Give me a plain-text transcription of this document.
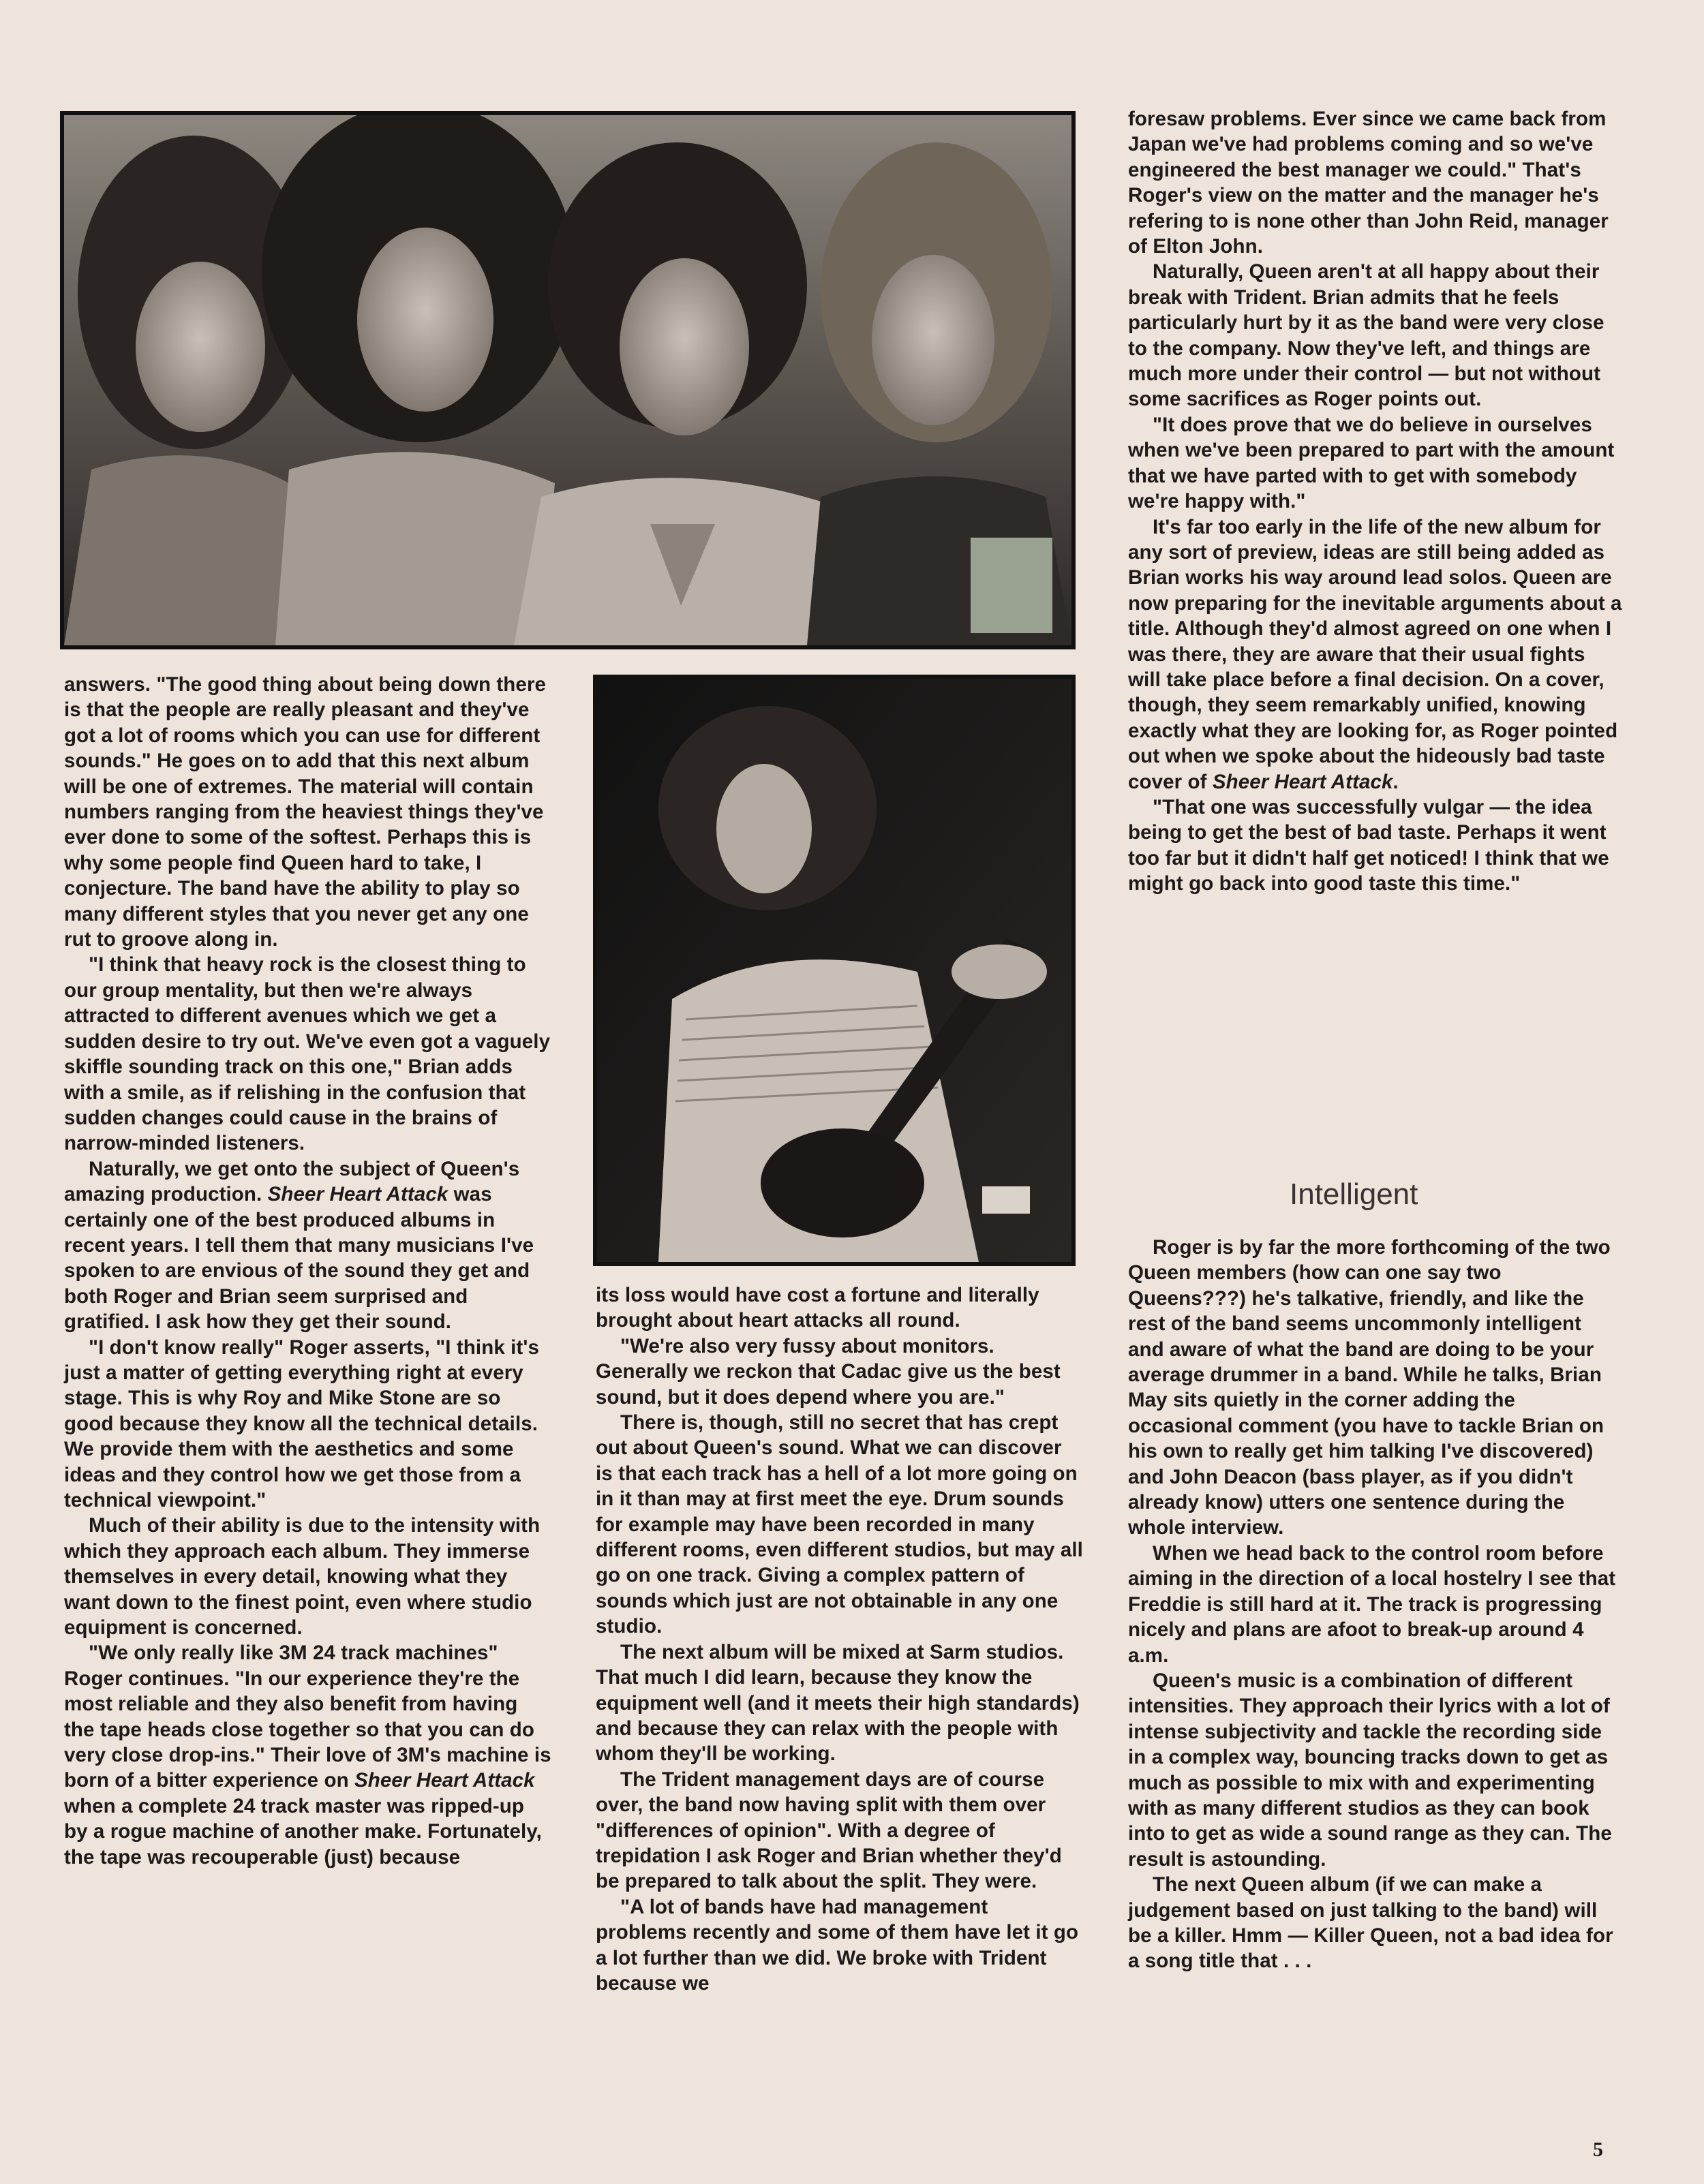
answers. "The good thing about being down there is that the people are really pleasant and they've got a lot of rooms which you can use for different sounds." He goes on to add that this next album will be one of extremes. The material will contain numbers ranging from the heaviest things they've ever done to some of the softest. Perhaps this is why some people find Queen hard to take, I conjecture. The band have the ability to play so many different styles that you never get any one rut to groove along in.

"I think that heavy rock is the closest thing to our group mentality, but then we're always attracted to different avenues which we get a sudden desire to try out. We've even got a vaguely skiffle sounding track on this one," Brian adds with a smile, as if relishing in the confusion that sudden changes could cause in the brains of narrow-minded listeners.

Naturally, we get onto the subject of Queen's amazing production. Sheer Heart Attack was certainly one of the best produced albums in recent years. I tell them that many musicians I've spoken to are envious of the sound they get and both Roger and Brian seem surprised and gratified. I ask how they get their sound.

"I don't know really" Roger asserts, "I think it's just a matter of getting everything right at every stage. This is why Roy and Mike Stone are so good because they know all the technical details. We provide them with the aesthetics and some ideas and they control how we get those from a technical viewpoint."

Much of their ability is due to the intensity with which they approach each album. They immerse themselves in every detail, knowing what they want down to the finest point, even where studio equipment is concerned.

"We only really like 3M 24 track machines" Roger continues. "In our experience they're the most reliable and they also benefit from having the tape heads close together so that you can do very close drop-ins." Their love of 3M's machine is born of a bitter experience on Sheer Heart Attack when a complete 24 track master was ripped-up by a rogue machine of another make. Fortunately, the tape was recouperable (just) because

its loss would have cost a fortune and literally brought about heart attacks all round.

"We're also very fussy about monitors. Generally we reckon that Cadac give us the best sound, but it does depend where you are."

There is, though, still no secret that has crept out about Queen's sound. What we can discover is that each track has a hell of a lot more going on in it than may at first meet the eye. Drum sounds for example may have been recorded in many different rooms, even different studios, but may all go on one track. Giving a complex pattern of sounds which just are not obtainable in any one studio.

The next album will be mixed at Sarm studios. That much I did learn, because they know the equipment well (and it meets their high standards) and because they can relax with the people with whom they'll be working.

The Trident management days are of course over, the band now having split with them over "differences of opinion". With a degree of trepidation I ask Roger and Brian whether they'd be prepared to talk about the split. They were.

"A lot of bands have had management problems recently and some of them have let it go a lot further than we did. We broke with Trident because we

foresaw problems. Ever since we came back from Japan we've had problems coming and so we've engineered the best manager we could." That's Roger's view on the matter and the manager he's refering to is none other than John Reid, manager of Elton John.

Naturally, Queen aren't at all happy about their break with Trident. Brian admits that he feels particularly hurt by it as the band were very close to the company. Now they've left, and things are much more under their control — but not without some sacrifices as Roger points out.

"It does prove that we do believe in ourselves when we've been prepared to part with the amount that we have parted with to get with somebody we're happy with."

It's far too early in the life of the new album for any sort of preview, ideas are still being added as Brian works his way around lead solos. Queen are now preparing for the inevitable arguments about a title. Although they'd almost agreed on one when I was there, they are aware that their usual fights will take place before a final decision. On a cover, though, they seem remarkably unified, knowing exactly what they are looking for, as Roger pointed out when we spoke about the hideously bad taste cover of Sheer Heart Attack.

"That one was successfully vulgar — the idea being to get the best of bad taste. Perhaps it went too far but it didn't half get noticed! I think that we might go back into good taste this time."

Intelligent

Roger is by far the more forthcoming of the two Queen members (how can one say two Queens???) he's talkative, friendly, and like the rest of the band seems uncommonly intelligent and aware of what the band are doing to be your average drummer in a band. While he talks, Brian May sits quietly in the corner adding the occasional comment (you have to tackle Brian on his own to really get him talking I've discovered) and John Deacon (bass player, as if you didn't already know) utters one sentence during the whole interview.

When we head back to the control room before aiming in the direction of a local hostelry I see that Freddie is still hard at it. The track is progressing nicely and plans are afoot to break-up around 4 a.m.

Queen's music is a combination of different intensities. They approach their lyrics with a lot of intense subjectivity and tackle the recording side in a complex way, bouncing tracks down to get as much as possible to mix with and experimenting with as many different studios as they can book into to get as wide a sound range as they can. The result is astounding.

The next Queen album (if we can make a judgement based on just talking to the band) will be a killer. Hmm — Killer Queen, not a bad idea for a song title that . . .

5
